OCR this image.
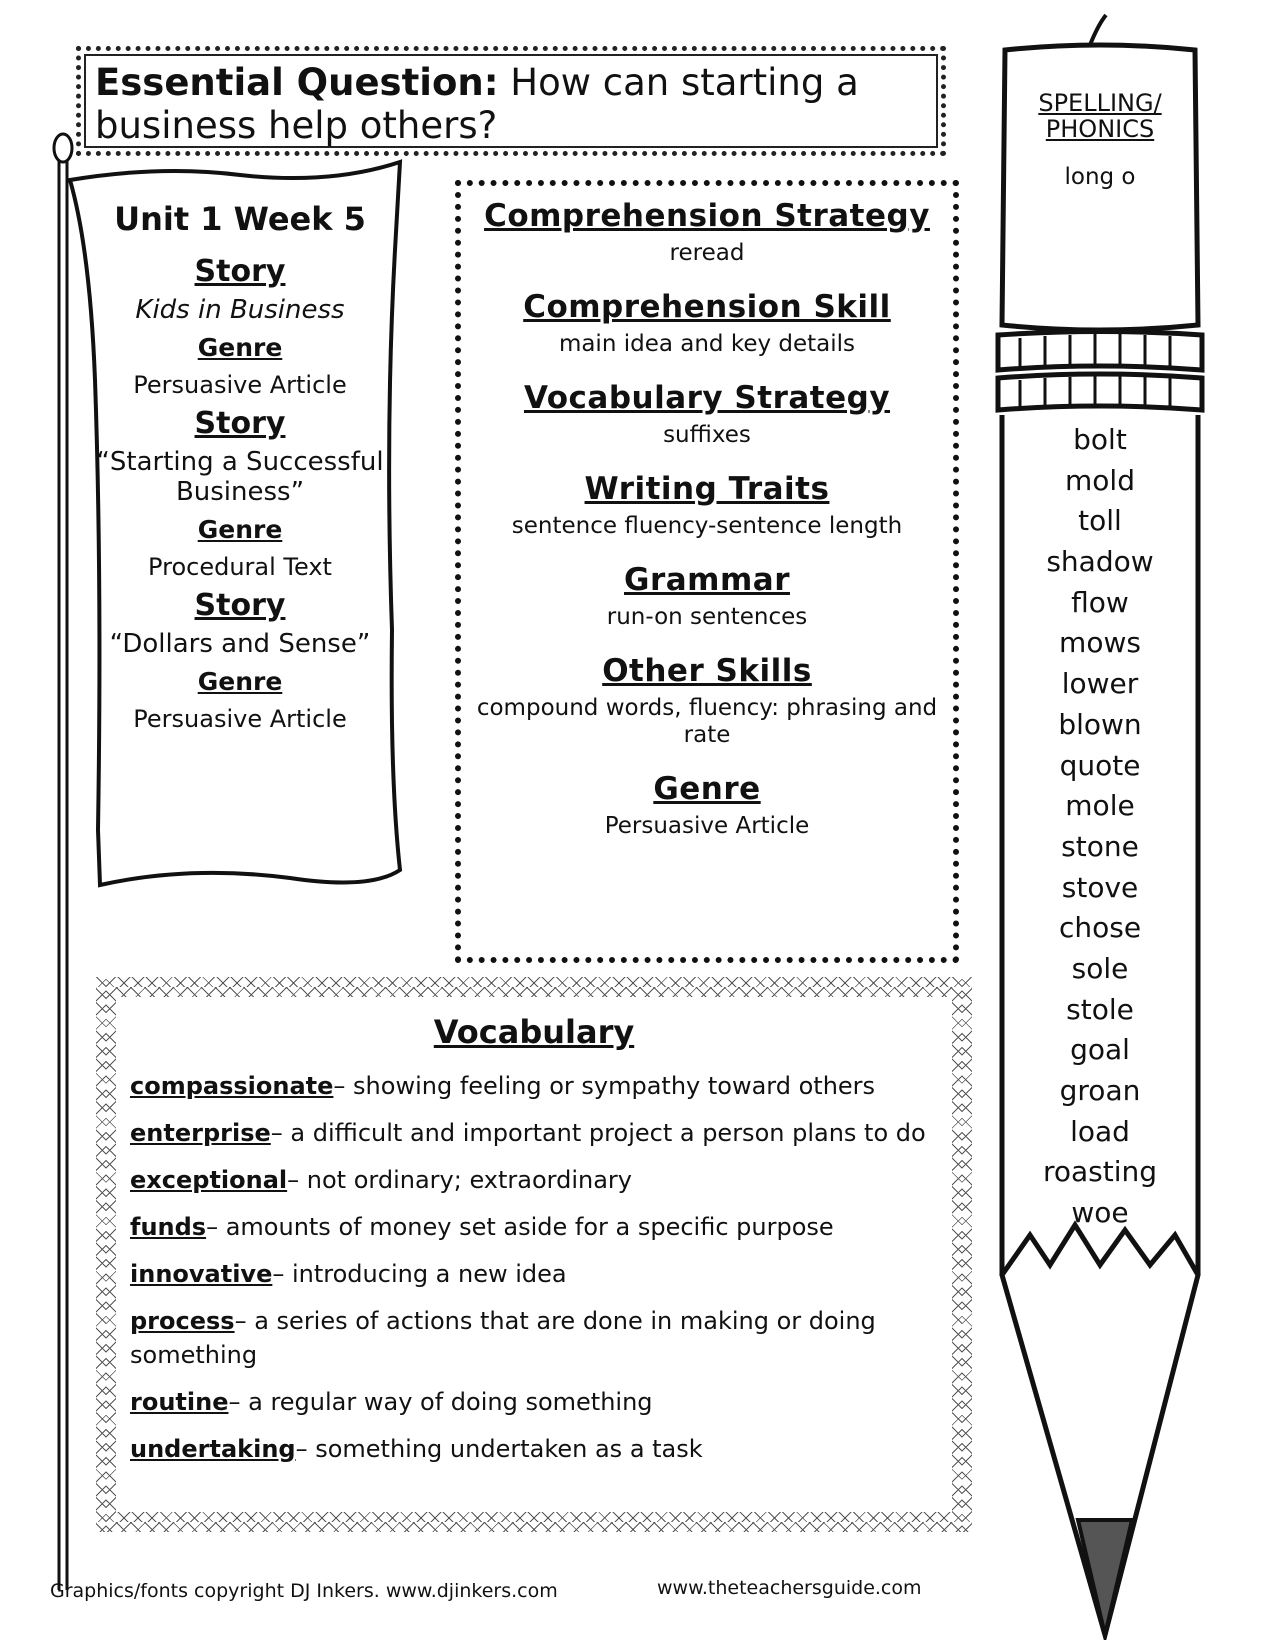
Essential Question: How can starting a business help others?
Unit 1 Week 5
Story
Kids in Business
Genre
Persuasive Article
Story
“Starting a Successful Business”
Genre
Procedural Text
Story
“Dollars and Sense”
Genre
Persuasive Article
Comprehension Strategy
reread
Comprehension Skill
main idea and key details
Vocabulary Strategy
suffixes
Writing Traits
sentence fluency-sentence length
Grammar
run-on sentences
Other Skills
compound words, fluency: phrasing and rate
Genre
Persuasive Article
Vocabulary
compassionate– showing feeling or sympathy toward others
enterprise– a difficult and important project a person plans to do
exceptional– not ordinary; extraordinary
funds– amounts of money set aside for a specific purpose
innovative– introducing a new idea
process– a series of actions that are done in making or doing something
routine– a regular way of doing something
undertaking– something undertaken as a task
SPELLING/
PHONICS
long o
bolt
mold
toll
shadow
flow
mows
lower
blown
quote
mole
stone
stove
chose
sole
stole
goal
groan
load
roasting
woe
Graphics/fonts copyright DJ Inkers. www.djinkers.com	www.theteachersguide.com
